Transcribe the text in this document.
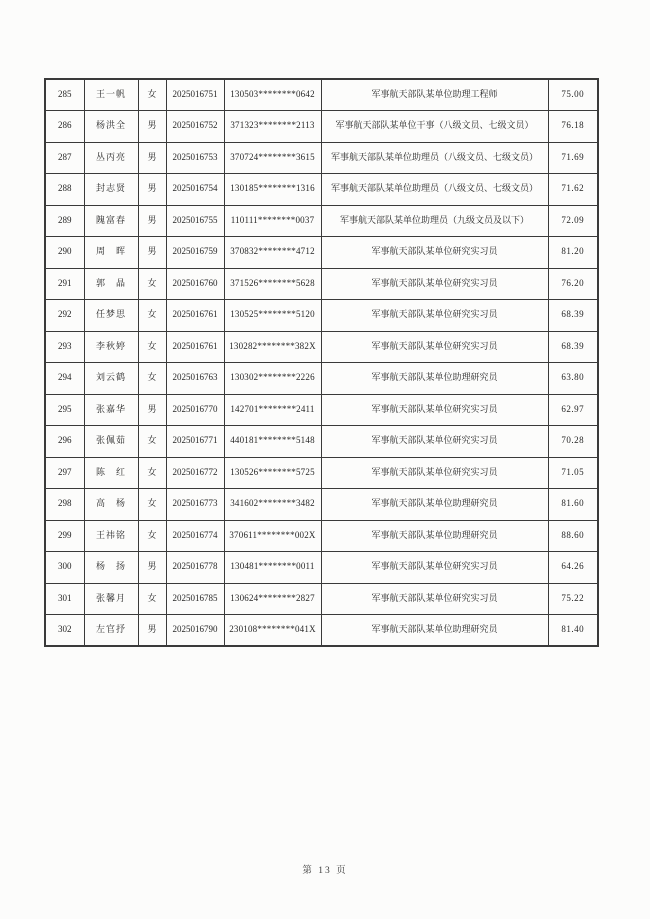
285	王一帆	女	2025016751	130503********0642	军事航天部队某单位助理工程师	75.00
286	杨洪全	男	2025016752	371323********2113	军事航天部队某单位干事（八级文员、七级文员）	76.18
287	丛丙亮	男	2025016753	370724********3615	军事航天部队某单位助理员（八级文员、七级文员）	71.69
288	封志贤	男	2025016754	130185********1316	军事航天部队某单位助理员（八级文员、七级文员）	71.62
289	隗富春	男	2025016755	110111********0037	军事航天部队某单位助理员（九级文员及以下）	72.09
290	周　晖	男	2025016759	370832********4712	军事航天部队某单位研究实习员	81.20
291	郭　晶	女	2025016760	371526********5628	军事航天部队某单位研究实习员	76.20
292	任梦思	女	2025016761	130525********5120	军事航天部队某单位研究实习员	68.39
293	李秋婷	女	2025016761	130282********382X	军事航天部队某单位研究实习员	68.39
294	刘云鹤	女	2025016763	130302********2226	军事航天部队某单位助理研究员	63.80
295	张嘉华	男	2025016770	142701********2411	军事航天部队某单位研究实习员	62.97
296	张佩茹	女	2025016771	440181********5148	军事航天部队某单位研究实习员	70.28
297	陈　红	女	2025016772	130526********5725	军事航天部队某单位研究实习员	71.05
298	高　杨	女	2025016773	341602********3482	军事航天部队某单位助理研究员	81.60
299	王祎铭	女	2025016774	370611********002X	军事航天部队某单位助理研究员	88.60
300	杨　扬	男	2025016778	130481********0011	军事航天部队某单位研究实习员	64.26
301	张馨月	女	2025016785	130624********2827	军事航天部队某单位研究实习员	75.22
302	左官抒	男	2025016790	230108********041X	军事航天部队某单位助理研究员	81.40
第 13 页
